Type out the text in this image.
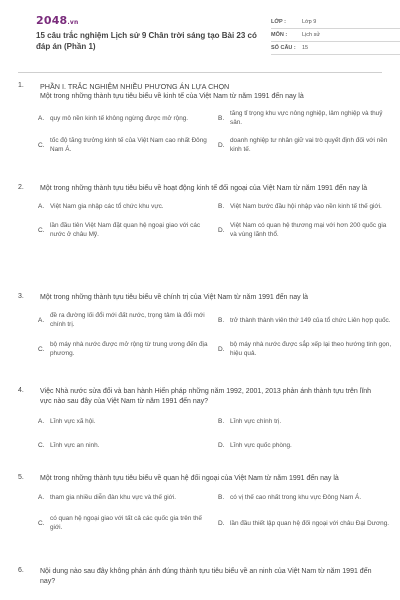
2048.vn
15 câu trắc nghiệm Lịch sử 9 Chân trời sáng tạo Bài 23 có đáp án (Phần 1)
LỚP :	Lớp 9
MÔN :	Lịch sử
SỐ CÂU :	15
1. PHẦN I. TRẮC NGHIỆM NHIỀU PHƯƠNG ÁN LỰA CHỌN
Một trong những thành tựu tiêu biểu về kinh tế của Việt Nam từ năm 1991 đến nay là
A. quy mô nền kinh tế không ngừng được mở rộng.	B.
tăng tỉ trọng khu vực nông nghiệp, lâm nghiệp và thuỷ sản.
C.
tốc độ tăng trưởng kinh tế của Việt Nam cao nhất Đông Nam Á.
D.
doanh nghiệp tư nhân giữ vai trò quyết định đối với nền kinh tế.
2. Một trong những thành tựu tiêu biểu về hoạt động kinh tế đối ngoại của Việt Nam từ năm 1991 đến nay là
A. Việt Nam gia nhập các tổ chức khu vực.	B. Việt Nam bước đầu hội nhập vào nền kinh tế thế giới.
C.
lần đầu tiên Việt Nam đặt quan hệ ngoại giao với các nước ở châu Mỹ.
D.
Việt Nam có quan hệ thương mại với hơn 200 quốc gia và vùng lãnh thổ.
3. Một trong những thành tựu tiêu biểu về chính trị của Việt Nam từ năm 1991 đến nay là
A.
đề ra đường lối đổi mới đất nước, trọng tâm là đổi mới chính trị.
B. trở thành thành viên thứ 149 của tổ chức Liên hợp quốc.
C.
bộ máy nhà nước được mở rộng từ trung ương đến địa phương.
D.
bộ máy nhà nước được sắp xếp lại theo hướng tinh gọn, hiệu quả.
4. Việc Nhà nước sửa đổi và ban hành Hiến pháp những năm 1992, 2001, 2013 phản ánh thành tựu trên lĩnh vực nào sau đây của Việt Nam từ năm 1991 đến nay?
A. Lĩnh vực xã hội.	B. Lĩnh vực chính trị.
C. Lĩnh vực an ninh.	D. Lĩnh vực quốc phòng.
5. Một trong những thành tựu tiêu biểu về quan hệ đối ngoại của Việt Nam từ năm 1991 đến nay là
A. tham gia nhiều diễn đàn khu vực và thế giới.	B. có vị thế cao nhất trong khu vực Đông Nam Á.
C.
có quan hệ ngoại giao với tất cả các quốc gia trên thế giới.
D. lần đầu thiết lập quan hệ đối ngoại với châu Đại Dương.
6. Nội dung nào sau đây không phản ánh đúng thành tựu tiêu biểu về an ninh của Việt Nam từ năm 1991 đến nay?
